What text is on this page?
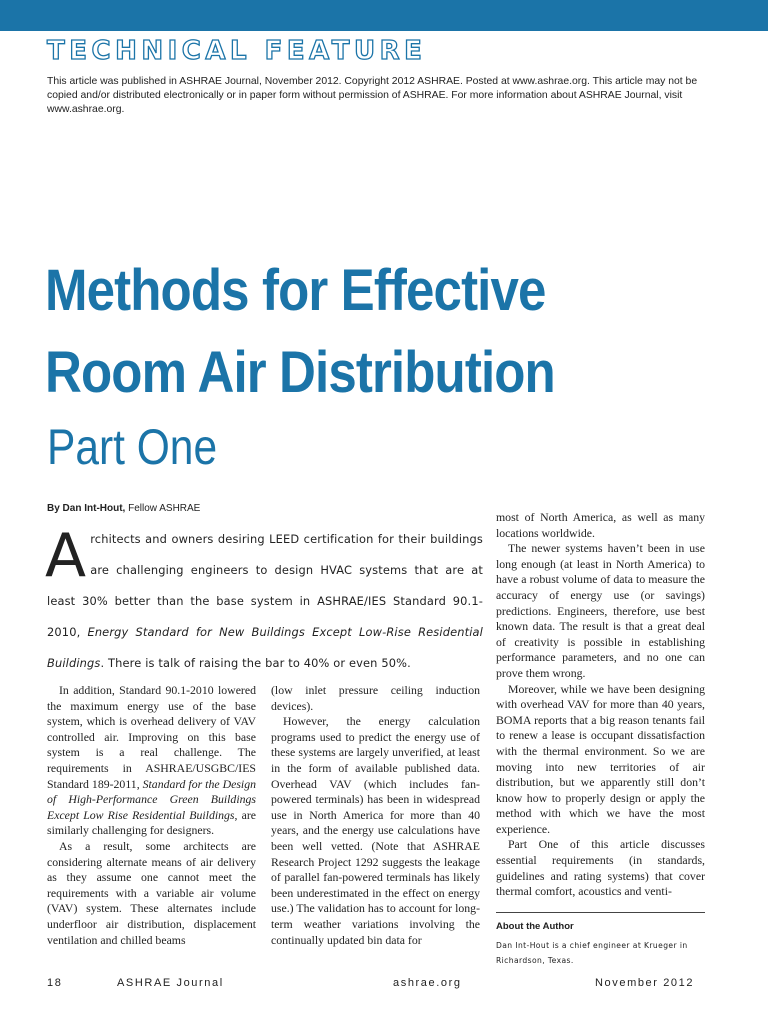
TECHNICAL FEATURE
This article was published in ASHRAE Journal, November 2012. Copyright 2012 ASHRAE. Posted at www.ashrae.org. This article may not be copied and/or distributed electronically or in paper form without permission of ASHRAE. For more information about ASHRAE Journal, visit www.ashrae.org.
Methods for Effective
Room Air Distribution
Part One
By Dan Int-Hout, Fellow ASHRAE
Architects and owners desiring LEED certification for their buildings are challenging engineers to design HVAC systems that are at least 30% better than the base system in ASHRAE/IES Standard 90.1-2010, Energy Standard for New Buildings Except Low-Rise Residential Buildings. There is talk of raising the bar to 40% or even 50%.

In addition, Standard 90.1-2010 lowered the maximum energy use of the base system, which is overhead delivery of VAV controlled air. Improving on this base system is a real challenge. The requirements in ASHRAE/USGBC/IES Standard 189-2011, Standard for the Design of High-Performance Green Buildings Except Low Rise Residential Buildings, are similarly challenging for designers.

As a result, some architects are considering alternate means of air delivery as they assume one cannot meet the requirements with a variable air volume (VAV) system. These alternates include underfloor air distribution, displacement ventilation and chilled beams

(low inlet pressure ceiling induction devices).

However, the energy calculation programs used to predict the energy use of these systems are largely unverified, at least in the form of available published data. Overhead VAV (which includes fan-powered terminals) has been in widespread use in North America for more than 40 years, and the energy use calculations have been well vetted. (Note that ASHRAE Research Project 1292 suggests the leakage of parallel fan-powered terminals has likely been underestimated in the effect on energy use.) The validation has to account for long-term weather variations involving the continually updated bin data for

most of North America, as well as many locations worldwide.

The newer systems haven’t been in use long enough (at least in North America) to have a robust volume of data to measure the accuracy of energy use (or savings) predictions. Engineers, therefore, use best known data. The result is that a great deal of creativity is possible in establishing performance parameters, and no one can prove them wrong.

Moreover, while we have been designing with overhead VAV for more than 40 years, BOMA reports that a big reason tenants fail to renew a lease is occupant dissatisfaction with the thermal environment. So we are moving into new territories of air distribution, but we apparently still don’t know how to properly design or apply the method with which we have the most experience.

Part One of this article discusses essential requirements (in standards, guidelines and rating systems) that cover thermal comfort, acoustics and venti-

About the Author
Dan Int-Hout is a chief engineer at Krueger in Richardson, Texas.
18	ASHRAE Journal	ashrae.org	November 2012
